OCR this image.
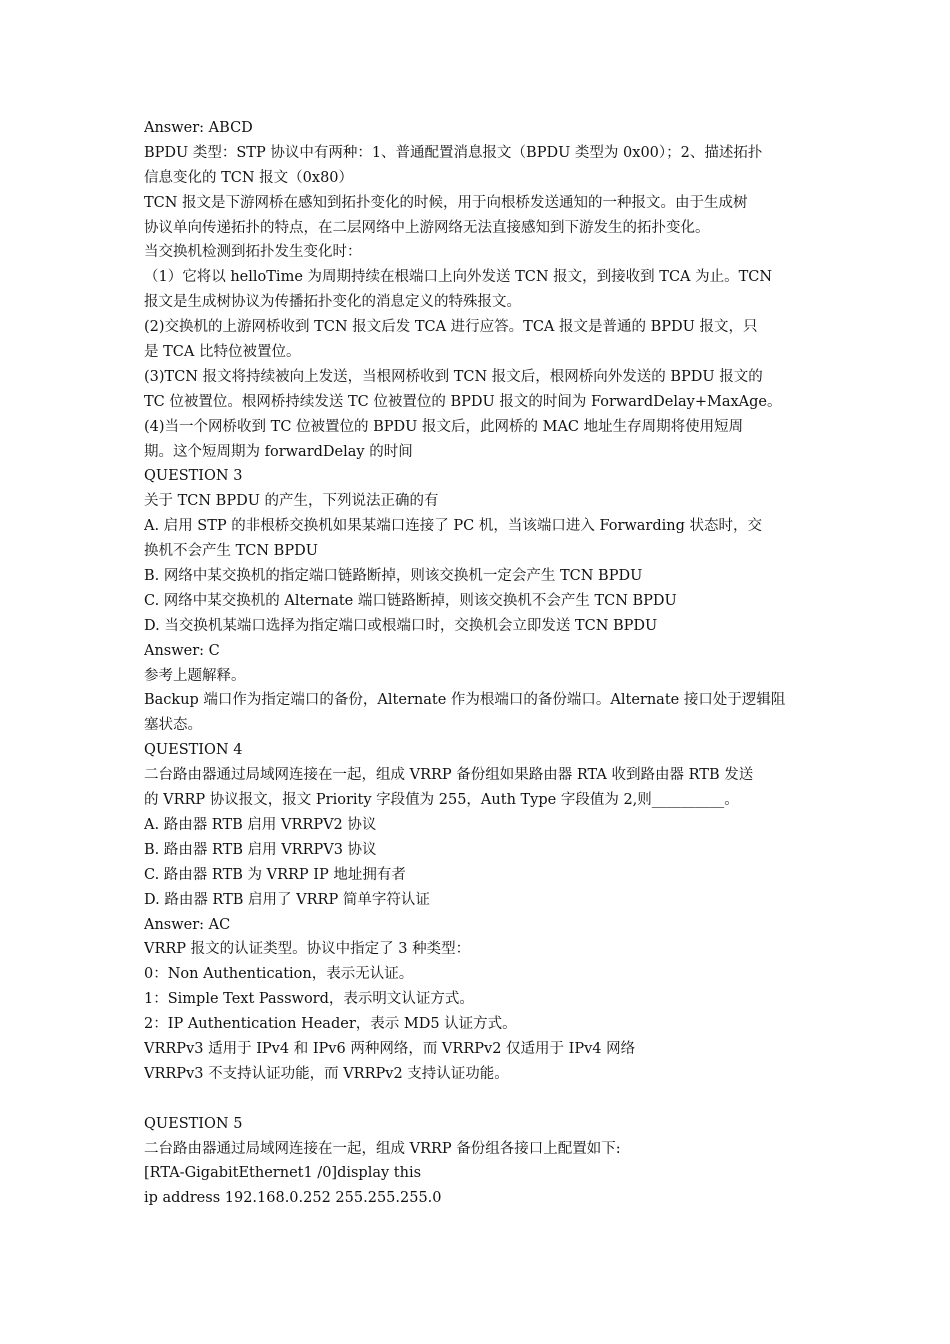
Answer: ABCD
BPDU 类型：STP 协议中有两种：1、普通配置消息报文（BPDU 类型为 0x00）；2、描述拓扑
信息变化的 TCN 报文（0x80）
TCN 报文是下游网桥在感知到拓扑变化的时候，用于向根桥发送通知的一种报文。由于生成树
协议单向传递拓扑的特点，在二层网络中上游网络无法直接感知到下游发生的拓扑变化。
当交换机检测到拓扑发生变化时：
（1）它将以 helloTime 为周期持续在根端口上向外发送 TCN 报文，到接收到 TCA 为止。TCN
报文是生成树协议为传播拓扑变化的消息定义的特殊报文。
(2)交换机的上游网桥收到 TCN 报文后发 TCA 进行应答。TCA 报文是普通的 BPDU 报文，只
是 TCA 比特位被置位。
(3)TCN 报文将持续被向上发送，当根网桥收到 TCN 报文后，根网桥向外发送的 BPDU 报文的
TC 位被置位。根网桥持续发送 TC 位被置位的 BPDU 报文的时间为 ForwardDelay+MaxAge。
(4)当一个网桥收到 TC 位被置位的 BPDU 报文后，此网桥的 MAC 地址生存周期将使用短周
期。这个短周期为 forwardDelay 的时间
QUESTION 3
关于 TCN BPDU 的产生，下列说法正确的有
A. 启用 STP 的非根桥交换机如果某端口连接了 PC 机，当该端口进入 Forwarding 状态时，交
换机不会产生 TCN BPDU
B. 网络中某交换机的指定端口链路断掉，则该交换机一定会产生 TCN BPDU
C. 网络中某交换机的 Alternate 端口链路断掉，则该交换机不会产生 TCN BPDU
D. 当交换机某端口选择为指定端口或根端口时，交换机会立即发送 TCN BPDU
Answer: C
参考上题解释。
Backup 端口作为指定端口的备份，Alternate 作为根端口的备份端口。Alternate 接口处于逻辑阻
塞状态。
QUESTION 4
二台路由器通过局域网连接在一起，组成 VRRP 备份组如果路由器 RTA 收到路由器 RTB 发送
的 VRRP 协议报文，报文 Priority 字段值为 255，Auth Type 字段值为 2,则__________。
A. 路由器 RTB 启用 VRRPV2 协议
B. 路由器 RTB 启用 VRRPV3 协议
C. 路由器 RTB 为 VRRP IP 地址拥有者
D. 路由器 RTB 启用了 VRRP 简单字符认证
Answer: AC
VRRP 报文的认证类型。协议中指定了 3 种类型：
0：Non Authentication，表示无认证。
1：Simple Text Password，表示明文认证方式。
2：IP Authentication Header，表示 MD5 认证方式。
VRRPv3 适用于 IPv4 和 IPv6 两种网络，而 VRRPv2 仅适用于 IPv4 网络
VRRPv3 不支持认证功能，而 VRRPv2 支持认证功能。
QUESTION 5
二台路由器通过局域网连接在一起，组成 VRRP 备份组各接口上配置如下:
[RTA-GigabitEthernet1 /0]display this
ip address 192.168.0.252 255.255.255.0
